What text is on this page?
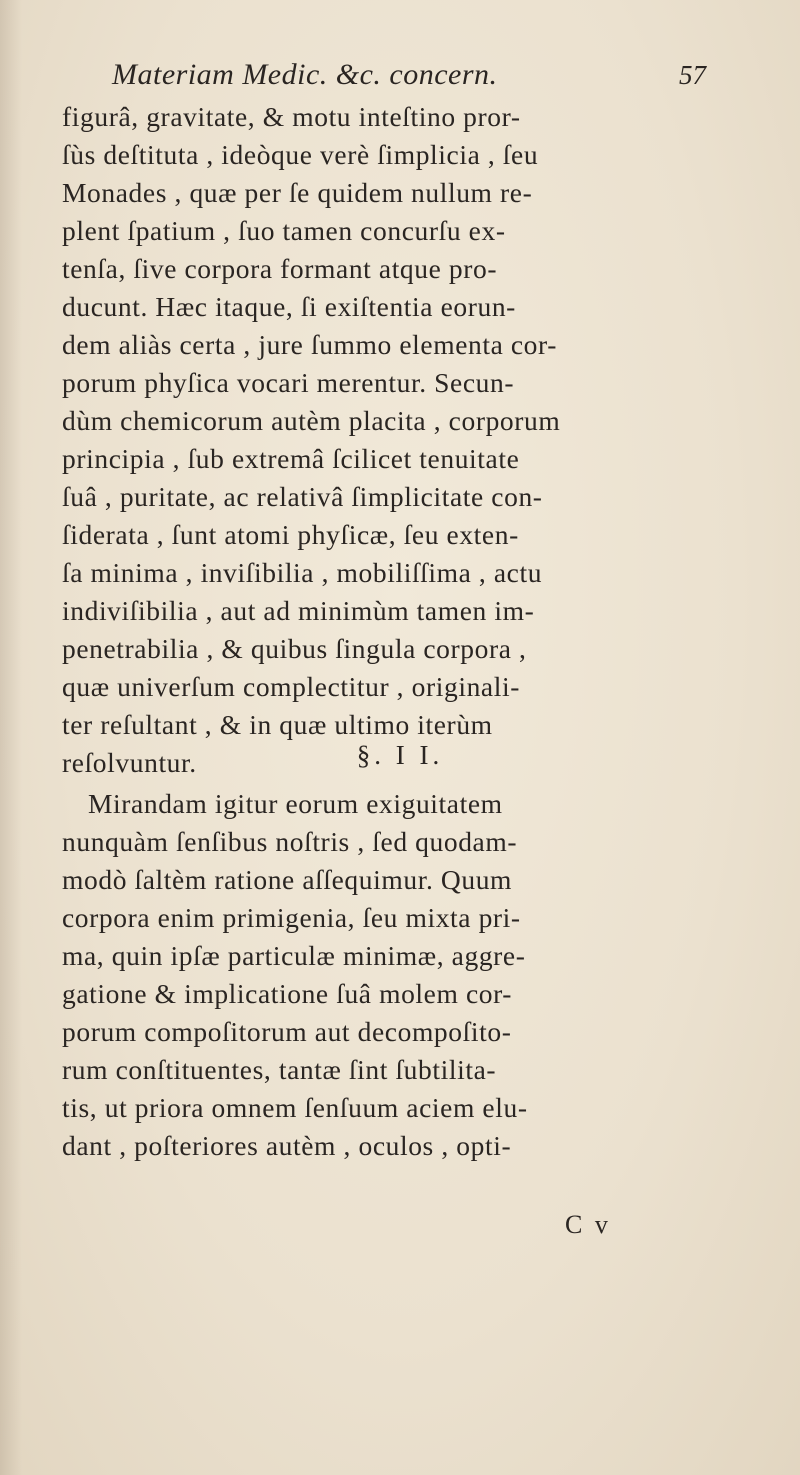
Materiam Medic. &c. concern.	57
figurâ, gravitate, & motu inteſtino pror-
ſùs deſtituta , ideòque verè ſimplicia , ſeu
Monades , quæ per ſe quidem nullum re-
plent ſpatium , ſuo tamen concurſu ex-
tenſa, ſive corpora formant atque pro-
ducunt. Hæc itaque, ſi exiſtentia eorun-
dem aliàs certa , jure ſummo elementa cor-
porum phyſica vocari merentur. Secun-
dùm chemicorum autèm placita , corporum
principia , ſub extremâ ſcilicet tenuitate
ſuâ , puritate, ac relativâ ſimplicitate con-
ſiderata , ſunt atomi phyſicæ, ſeu exten-
ſa minima , inviſibilia , mobiliſſima , actu
indiviſibilia , aut ad minimùm tamen im-
penetrabilia , & quibus ſingula corpora ,
quæ univerſum complectitur , originali-
ter reſultant , & in quæ ultimo iterùm
reſolvuntur.	§. I I.
Mirandam igitur eorum exiguitatem
nunquàm ſenſibus noſtris , ſed quodam-
modò ſaltèm ratione aſſequimur. Quum
corpora enim primigenia, ſeu mixta pri-
ma, quin ipſæ particulæ minimæ, aggre-
gatione & implicatione ſuâ molem cor-
porum compoſitorum aut decompoſito-
rum conſtituentes, tantæ ſint ſubtilita-
tis, ut priora omnem ſenſuum aciem elu-
dant , poſteriores autèm , oculos , opti-
C v
